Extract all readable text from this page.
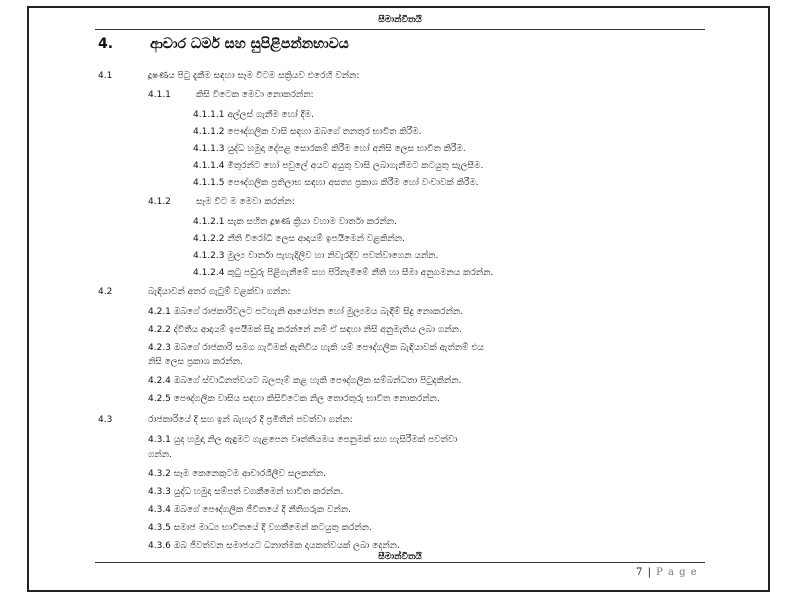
සීමාන්විතයි
4.	ආචාර ධර්ම සහ සුපිළිපන්නභාවය
4.1	දූෂණය පිටු දැකීම සඳහා සෑම විටම සක්‍රියව එරෙහි වන්න:
4.1.1	කිසි විටෙක මෙවා නොකරන්න:
4.1.1.1 අල්ලස් ගැනීම හෝ දීම.
4.1.1.2 පෞද්ගලික වාසි සඳහා ඔබගේ තනතුර භාවිත කිරීම.
4.1.1.3 යුද්ධ හමුදා දේපළ සොරකම් කිරීම හෝ අනිසි ලෙස භාවිත කිරීම.
4.1.1.4 මිතුරන්ට හෝ පවුලේ අයට අයුතු වාසි ලබාගැනීමට කටයුතු සැලසීම.
4.1.1.5 පෞද්ගලික ප්‍රතිලාභ සඳහා අසත්‍ය ප්‍රකාශ කිරීම හෝ වංචාවක් කිරීම.
4.1.2	සෑම විට ම මෙවා කරන්න:
4.1.2.1 සැක සහිත දූෂණ ක්‍රියා වහාම වාර්තා කරන්න.
4.1.2.2 නීති විරෝධී ලෙස ආදායම් ඉපයීමෙන් වළකින්න.
4.1.2.3 මුල්‍ය වාර්තා පැහැදිලිව හා නිවැරදිව පවත්වාගෙන යන්න.
4.1.2.4 කුටු පඩුරු පිළිගැනීමේ සහ පිරිනැමීමේ නීති හා සීමා අනුගමනය කරන්න.
4.2	බැඳියාවන් අතර ගැටුම් වළක්වා ගන්න:
4.2.1 ඔබගේ රාජකාරිවලට පටහැනි ආයෝජන හෝ මුල්‍යමය බැඳීම් සිදු නොකරන්න.
4.2.2 ද්විතීය ආදායම් ඉපයීමක් සිදු කරන්නේ නම් ඒ සඳහා නිසි අනුමැතිය ලබා ගන්න.
4.2.3 ඔබගේ රාජකාරි සමග ගැටීමක් ඇතිවිය හැකි යම් පෞද්ගලික බැඳියාවක් ඇත්නම් එය
නිසි ලෙස ප්‍රකාශ කරන්න.
4.2.4 ඔබගේ ස්වාධීනත්වයට බලපෑම් කළ හැකි පෞද්ගලික සම්බන්ධතා පිටුදකින්න.
4.2.5 පෞද්ගලික වාසිය සඳහා කිසිවිටෙක නිල තොරතුරු භාවිත නොකරන්න.
4.3	රාජකාරියේ දී සහ ඉන් බැහැර දී ප්‍රමිතීන් පවත්වා ගන්න:
4.3.1 යුද හමුදා නිල ඇඳුමට ගැළපෙන වෘත්තීයමය පෙනුමක් සහ හැසිරීමක් පවත්වා
ගන්න.
4.3.2 සෑම කෙනෙකුටම ආචාරශීලීව සලකන්න.
4.3.3 යුද්ධ හමුදා සම්පත් වගකීමෙන් භාවිත කරන්න.
4.3.4 ඔබගේ පෞද්ගලික ජීවිතයේ දී නීතිගරුක වන්න.
4.3.5 සමාජ මාධ්‍ය භාවිතයේ දී වගකීමෙන් කටයුතු කරන්න.
4.3.6 ඔබ ජීවත්වන සමාජයට ධනාත්මක දායකත්වයක් ලබා දෙන්න.
සීමාන්විතයි
7 | P a g e
